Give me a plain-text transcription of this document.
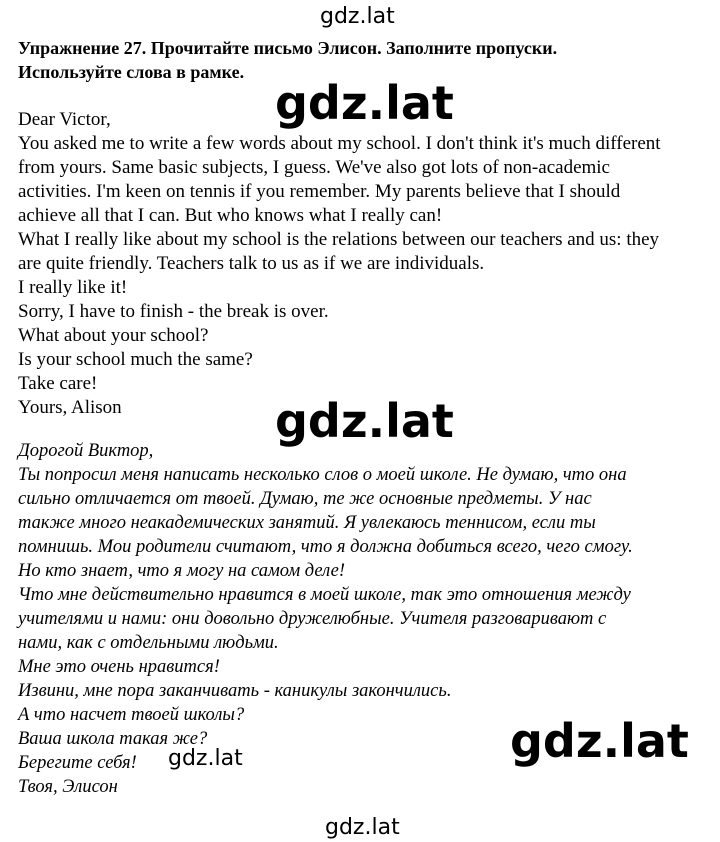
gdz.lat
Упражнение 27. Прочитайте письмо Элисон. Заполните пропуски.
Используйте слова в рамке.
gdz.lat
Dear Victor,
You asked me to write a few words about my school. I don't think it's much different
from yours. Same basic subjects, I guess. We've also got lots of non-academic
activities. I'm keen on tennis if you remember. My parents believe that I should
achieve all that I can. But who knows what I really can!
What I really like about my school is the relations between our teachers and us: they
are quite friendly. Teachers talk to us as if we are individuals.
I really like it!
Sorry, I have to finish - the break is over.
What about your school?
Is your school much the same?
Take care!
Yours, Alison	gdz.lat
Дорогой Виктор,
Ты попросил меня написать несколько слов о моей школе. Не думаю, что она
сильно отличается от твоей. Думаю, те же основные предметы. У нас
также много неакадемических занятий. Я увлекаюсь теннисом, если ты
помнишь. Мои родители считают, что я должна добиться всего, чего смогу.
Но кто знает, что я могу на самом деле!
Что мне действительно нравится в моей школе, так это отношения между
учителями и нами: они довольно дружелюбные. Учителя разговаривают с
нами, как с отдельными людьми.
Мне это очень нравится!
Извини, мне пора заканчивать - каникулы закончились.
А что насчет твоей школы?
Ваша школа такая же?
Берегите себя!
Твоя, Элисон
gdz.lat
gdz.lat
gdz.lat
